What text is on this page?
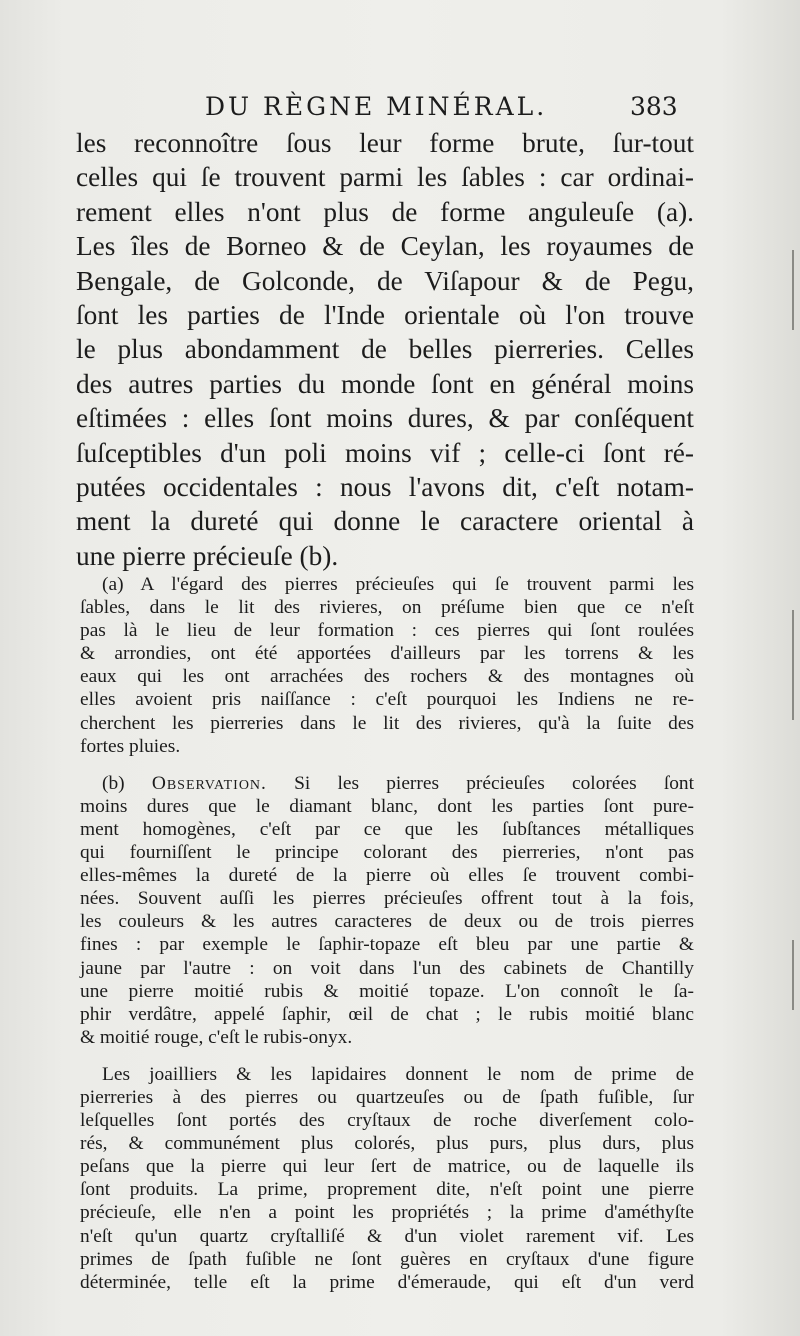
DU RÈGNE MINÉRAL.	383
les reconnoître ſous leur forme brute, ſur-tout
celles qui ſe trouvent parmi les ſables : car ordinai-
rement elles n'ont plus de forme anguleuſe (a).
Les îles de Borneo & de Ceylan, les royaumes de
Bengale, de Golconde, de Viſapour & de Pegu,
ſont les parties de l'Inde orientale où l'on trouve
le plus abondamment de belles pierreries. Celles
des autres parties du monde ſont en général moins
eſtimées : elles ſont moins dures, & par conſéquent
ſuſceptibles d'un poli moins vif ; celle-ci ſont ré-
putées occidentales : nous l'avons dit, c'eſt notam-
ment la dureté qui donne le caractere oriental à
une pierre précieuſe (b).
(a) A l'égard des pierres précieuſes qui ſe trouvent parmi les
ſables, dans le lit des rivieres, on préſume bien que ce n'eſt
pas là le lieu de leur formation : ces pierres qui ſont roulées
& arrondies, ont été apportées d'ailleurs par les torrens & les
eaux qui les ont arrachées des rochers & des montagnes où
elles avoient pris naiſſance : c'eſt pourquoi les Indiens ne re-
cherchent les pierreries dans le lit des rivieres, qu'à la ſuite des
fortes pluies.
(b) Observation. Si les pierres précieuſes colorées ſont
moins dures que le diamant blanc, dont les parties ſont pure-
ment homogènes, c'eſt par ce que les ſubſtances métalliques
qui fourniſſent le principe colorant des pierreries, n'ont pas
elles-mêmes la dureté de la pierre où elles ſe trouvent combi-
nées. Souvent auſſi les pierres précieuſes offrent tout à la fois,
les couleurs & les autres caracteres de deux ou de trois pierres
fines : par exemple le ſaphir-topaze eſt bleu par une partie &
jaune par l'autre : on voit dans l'un des cabinets de Chantilly
une pierre moitié rubis & moitié topaze. L'on connoît le ſa-
phir verdâtre, appelé ſaphir, œil de chat ; le rubis moitié blanc
& moitié rouge, c'eſt le rubis-onyx.
Les joailliers & les lapidaires donnent le nom de prime de
pierreries à des pierres ou quartzeuſes ou de ſpath fuſible, ſur
leſquelles ſont portés des cryſtaux de roche diverſement colo-
rés, & communément plus colorés, plus purs, plus durs, plus
peſans que la pierre qui leur ſert de matrice, ou de laquelle ils
ſont produits. La prime, proprement dite, n'eſt point une pierre
précieuſe, elle n'en a point les propriétés ; la prime d'améthyſte
n'eſt qu'un quartz cryſtalliſé & d'un violet rarement vif. Les
primes de ſpath fuſible ne ſont guères en cryſtaux d'une figure
déterminée, telle eſt la prime d'émeraude, qui eſt d'un verd
